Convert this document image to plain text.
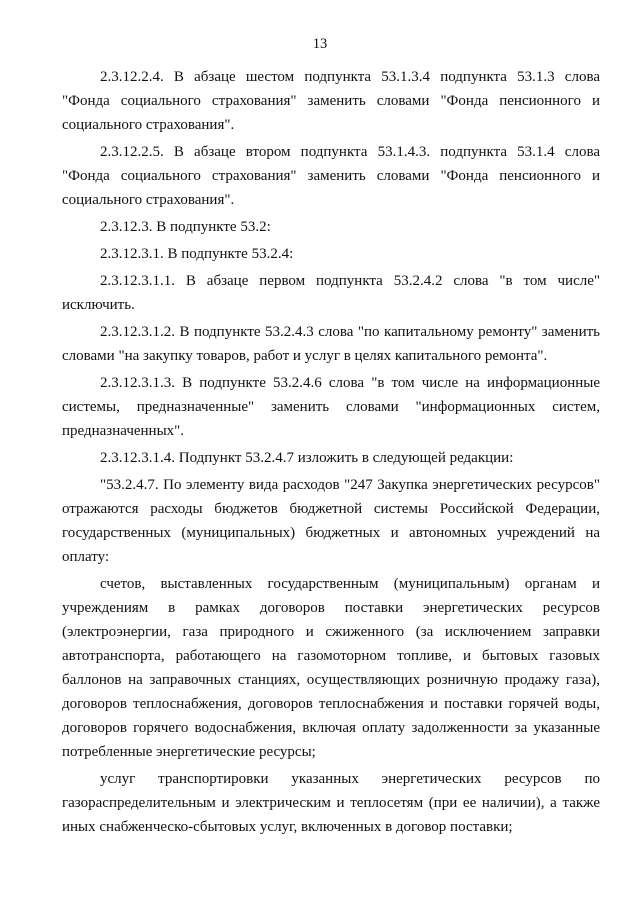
13

2.3.12.2.4. В абзаце шестом подпункта 53.1.3.4 подпункта 53.1.3 слова "Фонда социального страхования" заменить словами "Фонда пенсионного и социального страхования".

2.3.12.2.5. В абзаце втором подпункта 53.1.4.3. подпункта 53.1.4 слова "Фонда социального страхования" заменить словами "Фонда пенсионного и социального страхования".

2.3.12.3. В подпункте 53.2:

2.3.12.3.1. В подпункте 53.2.4:

2.3.12.3.1.1. В абзаце первом подпункта 53.2.4.2 слова "в том числе" исключить.

2.3.12.3.1.2. В подпункте 53.2.4.3 слова "по капитальному ремонту" заменить словами "на закупку товаров, работ и услуг в целях капитального ремонта".

2.3.12.3.1.3. В подпункте 53.2.4.6 слова "в том числе на информационные системы, предназначенные" заменить словами "информационных систем, предназначенных".

2.3.12.3.1.4. Подпункт 53.2.4.7 изложить в следующей редакции:

"53.2.4.7. По элементу вида расходов "247 Закупка энергетических ресурсов" отражаются расходы бюджетов бюджетной системы Российской Федерации, государственных (муниципальных) бюджетных и автономных учреждений на оплату:

счетов, выставленных государственным (муниципальным) органам и учреждениям в рамках договоров поставки энергетических ресурсов (электроэнергии, газа природного и сжиженного (за исключением заправки автотранспорта, работающего на газомоторном топливе, и бытовых газовых баллонов на заправочных станциях, осуществляющих розничную продажу газа), договоров теплоснабжения, договоров теплоснабжения и поставки горячей воды, договоров горячего водоснабжения, включая оплату задолженности за указанные потребленные энергетические ресурсы;

услуг транспортировки указанных энергетических ресурсов по газораспределительным и электрическим и теплосетям (при ее наличии), а также иных снабженческо-сбытовых услуг, включенных в договор поставки;
